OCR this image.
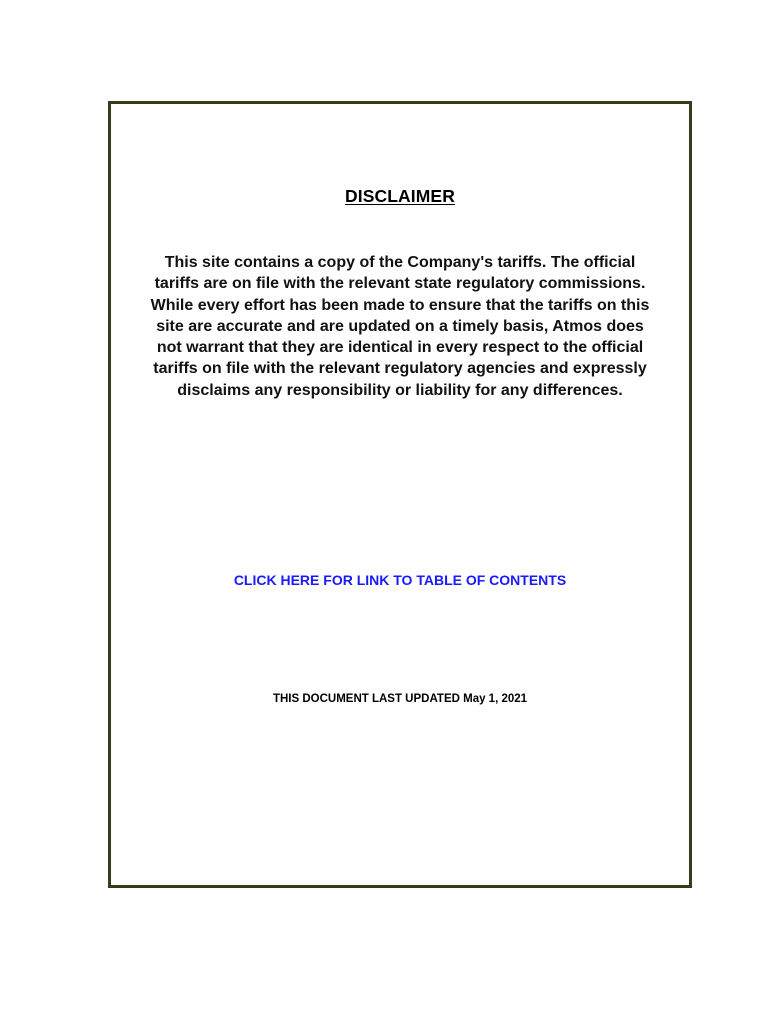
DISCLAIMER
This site contains a copy of the Company's tariffs. The official tariffs are on file with the relevant state regulatory commissions. While every effort has been made to ensure that the tariffs on this site are accurate and are updated on a timely basis, Atmos does not warrant that they are identical in every respect to the official tariffs on file with the relevant regulatory agencies and expressly disclaims any responsibility or liability for any differences.
CLICK HERE FOR LINK TO TABLE OF CONTENTS
THIS DOCUMENT LAST UPDATED May 1, 2021
